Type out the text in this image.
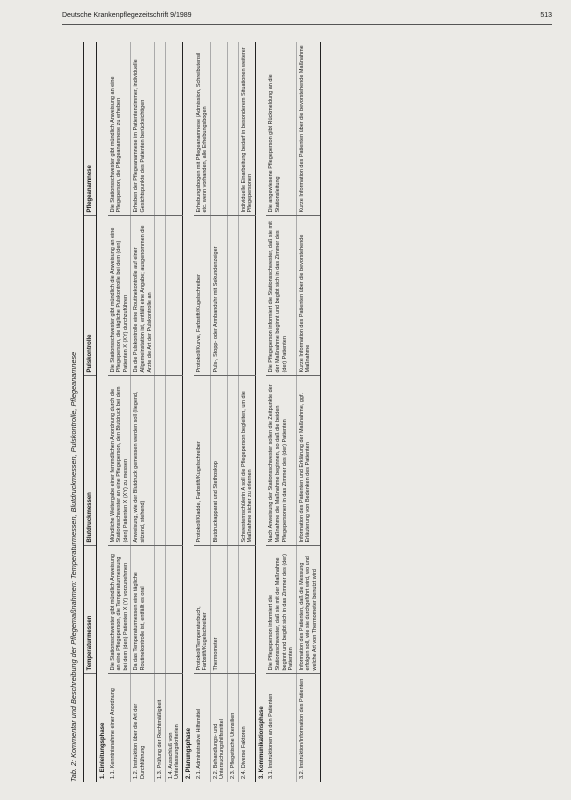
Deutsche Krankenpflegezeitschrift 9/1989	513
Tab. 2: Kommentar und Beschreibung der Pflegemaßnahmen: Temperaturmessen, Blutdruckmessen, Pulskontrolle, Pflegeanamnese
	Temperaturmessen	Blutdruckmessen	Pulskontrolle	Pflegeanamnese
1. Einleitungsphase				
1.1. Kenntnisnahme einer Anordnung	Die Stationsschwester gibt mündlich Anweisung an eine Pflegeperson, die Temperaturmessung bei dem (den) Patienten X (Y) vorzunehmen	Mündliche Weitergabe einer fernmdlichen Anordnung durch die Stationsschwester an eine Pflegeperson, den Blutdruck bei dem (den) Patienten X (XY) zu messen	Die Stationsschwester gibt mündlich die Anweisung an eine Pflegeperson, die tägliche Pulskontrolle bei dem (den) Patienten X (XY) durchzuführen	Die Stationsschwester gibt mündlich Anweisung an eine Pflegeperson, die Pflegeanamnese zu erheben
1.2. Instruktion über die Art der Durchführung	Da das Temperaturmessen eine tägliche Routinekontrolle ist, entfällt es oral	Anweisung, wie der Blutdruck gemessen werden soll (liegend, sitzend, stehend)	Da die Pulskontrolle eine Routinekontrolle auf einer Allgemeinstation ist, entfällt eine Angabe; ausgenommen die Arzte die Art der Pulskontrolle an	Erheben der Pflegeanamnese im Patientenzimmer, individuelle Gesichtspunkte des Patienten berücksichtigen
1.3. Prüfung der Rechtmäßigkeit				
1.4. Ausschluß von Unterlassungskriterien				
2. Planungsphase				
2.1. Administrative Hilfsmittel	Protokoll/Temperaturbuch, Farbstift/Kugelschreiber	Protokoll/Kladde, Farbstift/Kugelschreiber	Protokoll/Kurve, Farbstift/Kugelschreiber	Erhebungsbogen mit Pflegeanamnese (Admission, Schreibutensil etc. wenn vorhanden, alle Erhebungsbogen
2.2. Behandlungs- und Untersuchungshilfsmittel	Thermometer	Blutdruckapparat und Stethoskop	Puls-, Stopp- oder Armbanduhr mit Sekundenzeiger	
2.3. Pflegetische Utensilien				
2.4. Diverse Faktoren		Schwesternschülerin A soll die Pflegeperson begleiten, um die Maßnahme sicher zu erlernen		Individuelle Einarbeitung bedarf in besonderem Situationen weiterer Pflegepersonen
3. Kommunikationsphase				
3.1. Instruktionen an den Patienten	Die Pflegeperson informiert die Stationsschwester, daß sie mit der Maßnahme beginnt und begibt sich in das Zimmer des (der) Patienten	Nach Anweisung der Stationsschwester sollen die Zeitpunkte der Maßnahme die Maßnahme beginnen, so daß die beiden Pflegepersonen in das Zimmer des (der) Patienten	Die Pflegeperson informiert die Stationsschwester, daß sie mit der Maßnahme beginnt und begibt sich in das Zimmer des (der) Patienten	Die angewiesene Pflegeperson gibt Rückmeldung an die Stationsleitung
3.2. Instruktion/Information des Patienten	Information des Patienten, daß die Messung erfolgen soll, wie sie durchgeführt wird, wo und welche Art von Thermometer benutzt wird	Information des Patienten und Erklärung der Maßnahme, ggf. Erläuterung von Bedenken des Patienten	Kurze Information des Patienten über die bevorstehende Maßnahme	Kurze Information des Patienten über die bevorstehende Maßnahme
